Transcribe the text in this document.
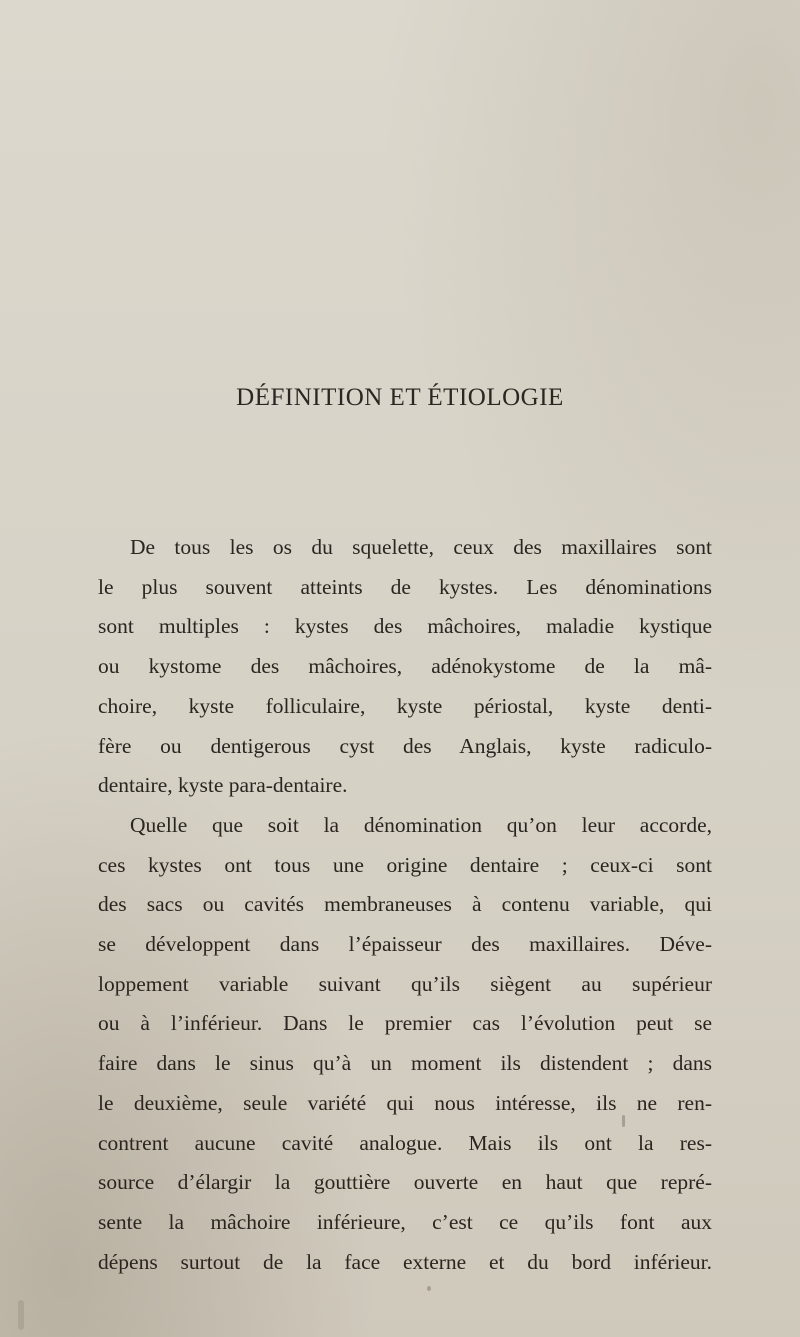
DÉFINITION ET ÉTIOLOGIE
De tous les os du squelette, ceux des maxillaires sont
le plus souvent atteints de kystes. Les dénominations
sont multiples : kystes des mâchoires, maladie kystique
ou kystome des mâchoires, adénokystome de la mâ-
choire, kyste folliculaire, kyste périostal, kyste denti-
fère ou dentigerous cyst des Anglais, kyste radiculo-
dentaire, kyste para-dentaire.
Quelle que soit la dénomination qu’on leur accorde,
ces kystes ont tous une origine dentaire ; ceux-ci sont
des sacs ou cavités membraneuses à contenu variable, qui
se développent dans l’épaisseur des maxillaires. Déve-
loppement variable suivant qu’ils siègent au supérieur
ou à l’inférieur. Dans le premier cas l’évolution peut se
faire dans le sinus qu’à un moment ils distendent ; dans
le deuxième, seule variété qui nous intéresse, ils ne ren-
contrent aucune cavité analogue. Mais ils ont la res-
source d’élargir la gouttière ouverte en haut que repré-
sente la mâchoire inférieure, c’est ce qu’ils font aux
dépens surtout de la face externe et du bord inférieur.
